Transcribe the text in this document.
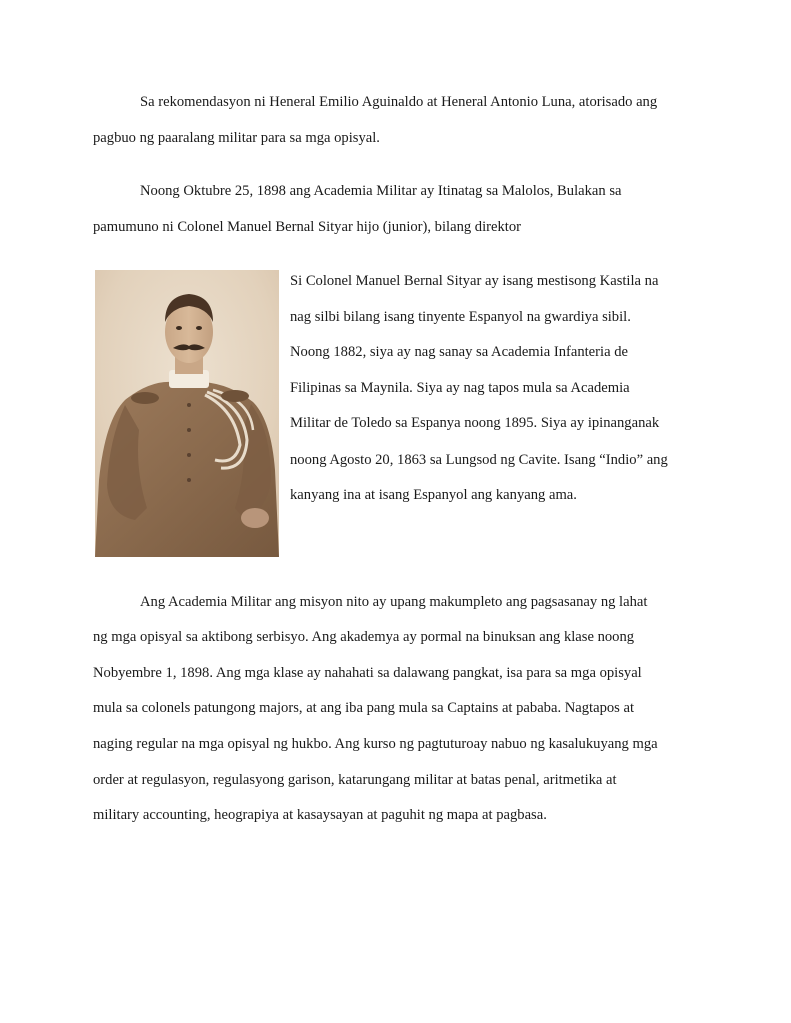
Sa rekomendasyon ni Heneral Emilio Aguinaldo at Heneral Antonio Luna, atorisado ang
pagbuo ng paaralang militar para sa mga opisyal.
Noong Oktubre 25, 1898 ang Academia Militar ay Itinatag sa Malolos, Bulakan sa
pamumuno ni Colonel Manuel Bernal Sityar hijo (junior), bilang direktor
Si Colonel Manuel Bernal Sityar ay isang mestisong Kastila na
nag silbi bilang isang tinyente Espanyol na gwardiya sibil.
Noong 1882, siya ay nag sanay sa Academia Infanteria de
Filipinas sa Maynila. Siya ay nag tapos mula sa Academia
Militar de Toledo sa Espanya noong 1895. Siya ay ipinanganak
noong Agosto 20, 1863 sa Lungsod ng Cavite. Isang “Indio” ang
kanyang ina at isang Espanyol ang kanyang ama.
Ang Academia Militar ang misyon nito ay upang makumpleto ang pagsasanay ng lahat
ng mga opisyal sa aktibong serbisyo. Ang akademya ay pormal na binuksan ang klase noong
Nobyembre 1, 1898. Ang mga klase ay nahahati sa dalawang pangkat, isa para sa mga opisyal
mula sa colonels patungong majors, at ang iba pang mula sa Captains at pababa. Nagtapos at
naging regular na mga opisyal ng hukbo. Ang kurso ng pagtuturoay nabuo ng kasalukuyang mga
order at regulasyon, regulasyong garison, katarungang militar at batas penal, aritmetika at
military accounting, heograpiya at kasaysayan at paguhit ng mapa at pagbasa.
